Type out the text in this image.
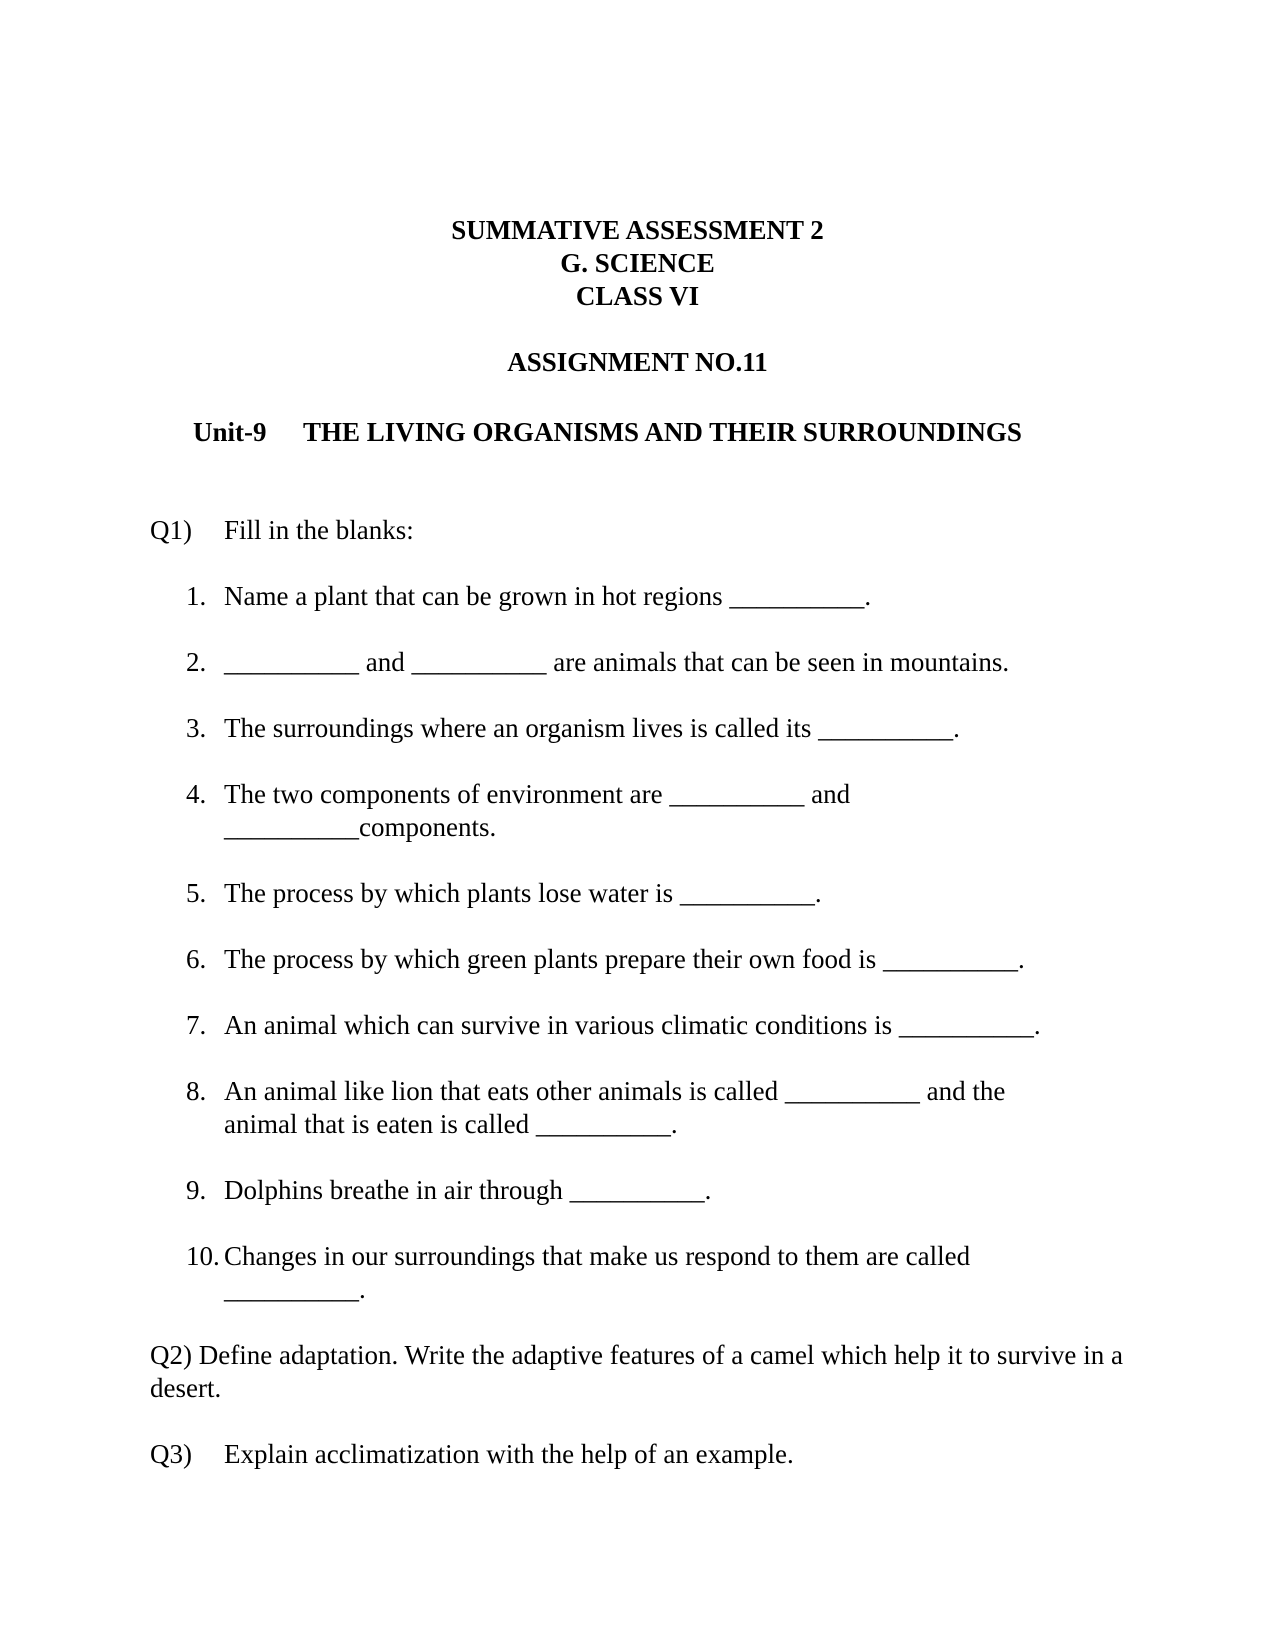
SUMMATIVE ASSESSMENT 2
G. SCIENCE
CLASS VI
ASSIGNMENT NO.11
Unit-9 THE LIVING ORGANISMS AND THEIR SURROUNDINGS
Q1) Fill in the blanks:
1. Name a plant that can be grown in hot regions __________.
2. __________ and __________ are animals that can be seen in mountains.
3. The surroundings where an organism lives is called its __________.
4. The two components of environment are __________ and __________components.
5. The process by which plants lose water is __________.
6. The process by which green plants prepare their own food is __________.
7. An animal which can survive in various climatic conditions is __________.
8. An animal like lion that eats other animals is called __________ and the animal that is eaten is called __________.
9. Dolphins breathe in air through __________.
10. Changes in our surroundings that make us respond to them are called __________.
Q2) Define adaptation. Write the adaptive features of a camel which help it to survive in a desert.
Q3) Explain acclimatization with the help of an example.
